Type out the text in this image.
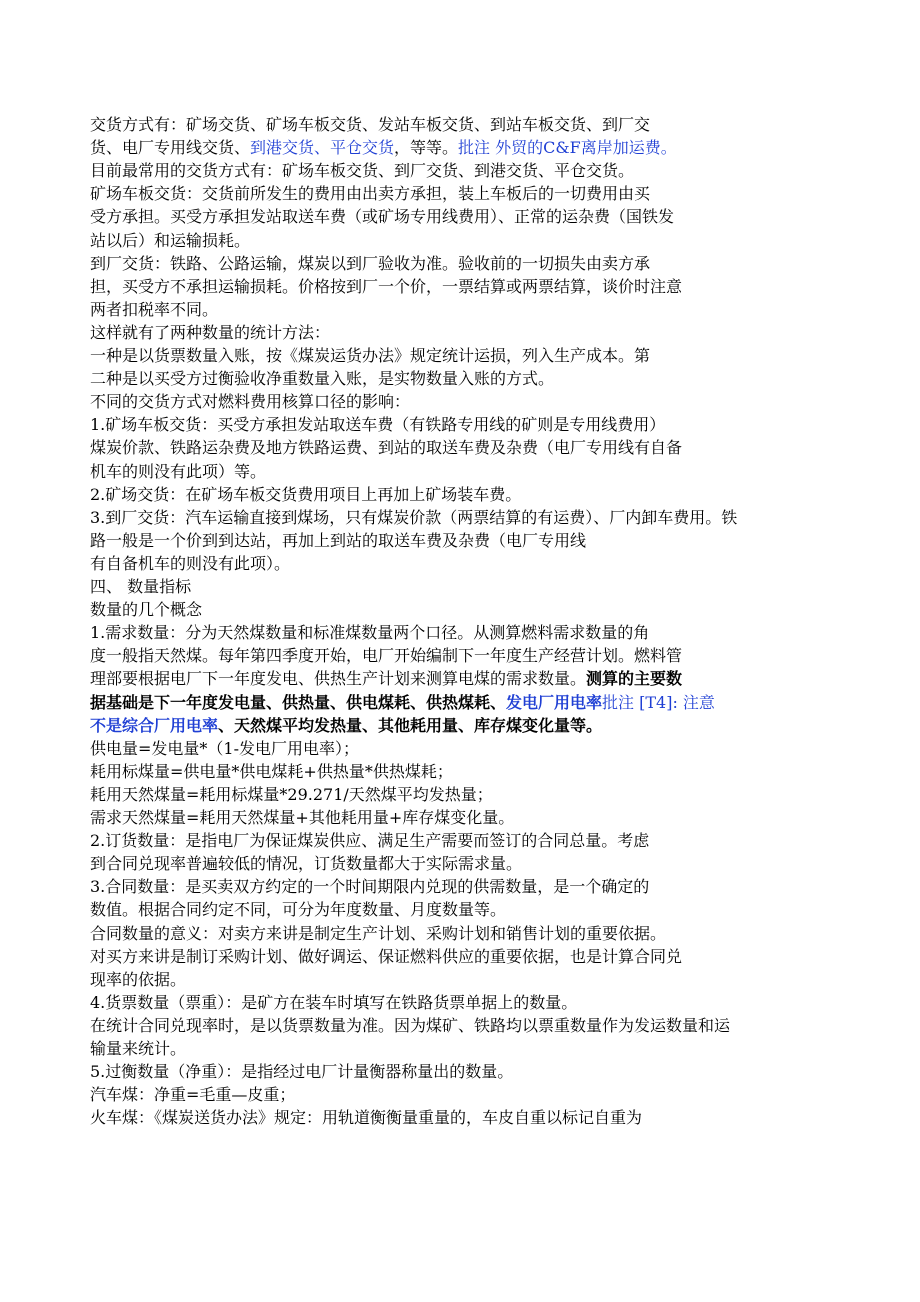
交货方式有：矿场交货、矿场车板交货、发站车板交货、到站车板交货、到厂交
货、电厂专用线交货、到港交货、平仓交货，等等。批注 外贸的C&F离岸加运费。
目前最常用的交货方式有：矿场车板交货、到厂交货、到港交货、平仓交货。
矿场车板交货：交货前所发生的费用由出卖方承担，装上车板后的一切费用由买
受方承担。买受方承担发站取送车费（或矿场专用线费用）、正常的运杂费（国铁发
站以后）和运输损耗。
到厂交货：铁路、公路运输，煤炭以到厂验收为准。验收前的一切损失由卖方承
担，买受方不承担运输损耗。价格按到厂一个价，一票结算或两票结算，谈价时注意
两者扣税率不同。
这样就有了两种数量的统计方法：
一种是以货票数量入账，按《煤炭运货办法》规定统计运损，列入生产成本。第
二种是以买受方过衡验收净重数量入账，是实物数量入账的方式。
不同的交货方式对燃料费用核算口径的影响：
1.矿场车板交货：买受方承担发站取送车费（有铁路专用线的矿则是专用线费用）
煤炭价款、铁路运杂费及地方铁路运费、到站的取送车费及杂费（电厂专用线有自备
机车的则没有此项）等。
2.矿场交货：在矿场车板交货费用项目上再加上矿场装车费。
3.到厂交货：汽车运输直接到煤场，只有煤炭价款（两票结算的有运费）、厂内卸车费用。铁
路一般是一个价到到达站，再加上到站的取送车费及杂费（电厂专用线
有自备机车的则没有此项）。
四、 数量指标
数量的几个概念
1.需求数量：分为天然煤数量和标准煤数量两个口径。从测算燃料需求数量的角
度一般指天然煤。每年第四季度开始，电厂开始编制下一年度生产经营计划。燃料管
理部要根据电厂下一年度发电、供热生产计划来测算电煤的需求数量。测算的主要数
据基础是下一年度发电量、供热量、供电煤耗、供热煤耗、发电厂用电率批注 [T4]: 注意
不是综合厂用电率、天然煤平均发热量、其他耗用量、库存煤变化量等。
供电量=发电量*（1-发电厂用电率）；
耗用标煤量=供电量*供电煤耗+供热量*供热煤耗；
耗用天然煤量=耗用标煤量*29.271/天然煤平均发热量；
需求天然煤量=耗用天然煤量+其他耗用量+库存煤变化量。
2.订货数量：是指电厂为保证煤炭供应、满足生产需要而签订的合同总量。考虑
到合同兑现率普遍较低的情况，订货数量都大于实际需求量。
3.合同数量：是买卖双方约定的一个时间期限内兑现的供需数量，是一个确定的
数值。根据合同约定不同，可分为年度数量、月度数量等。
合同数量的意义：对卖方来讲是制定生产计划、采购计划和销售计划的重要依据。
对买方来讲是制订采购计划、做好调运、保证燃料供应的重要依据，也是计算合同兑
现率的依据。
4.货票数量（票重）：是矿方在装车时填写在铁路货票单据上的数量。
在统计合同兑现率时，是以货票数量为准。因为煤矿、铁路均以票重数量作为发运数量和运
输量来统计。
5.过衡数量（净重）：是指经过电厂计量衡器称量出的数量。
汽车煤：净重=毛重—皮重；
火车煤：《煤炭送货办法》规定：用轨道衡衡量重量的，车皮自重以标记自重为
